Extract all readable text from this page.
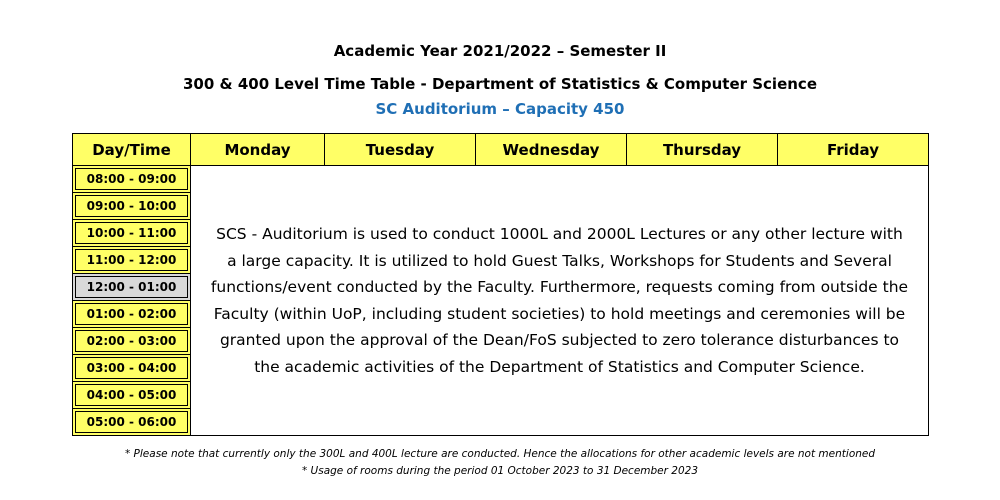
Academic Year 2021/2022 – Semester II
300 & 400 Level Time Table - Department of Statistics & Computer Science
SC Auditorium – Capacity 450
Day/Time	Monday	Tuesday	Wednesday	Thursday	Friday
08:00 - 09:00	SCS - Auditorium is used to conduct 1000L and 2000L Lectures or any other lecture with a large capacity. It is utilized to hold Guest Talks, Workshops for Students and Several functions/event conducted by the Faculty. Furthermore, requests coming from outside the Faculty (within UoP, including student societies) to hold meetings and ceremonies will be granted upon the approval of the Dean/FoS subjected to zero tolerance disturbances to the academic activities of the Department of Statistics and Computer Science.				
09:00 - 10:00					
10:00 - 11:00					
11:00 - 12:00					
12:00 - 01:00					
01:00 - 02:00					
02:00 - 03:00					
03:00 - 04:00					
04:00 - 05:00					
05:00 - 06:00					
* Please note that currently only the 300L and 400L lecture are conducted. Hence the allocations for other academic levels are not mentioned
* Usage of rooms during the period 01 October 2023 to 31 December 2023
